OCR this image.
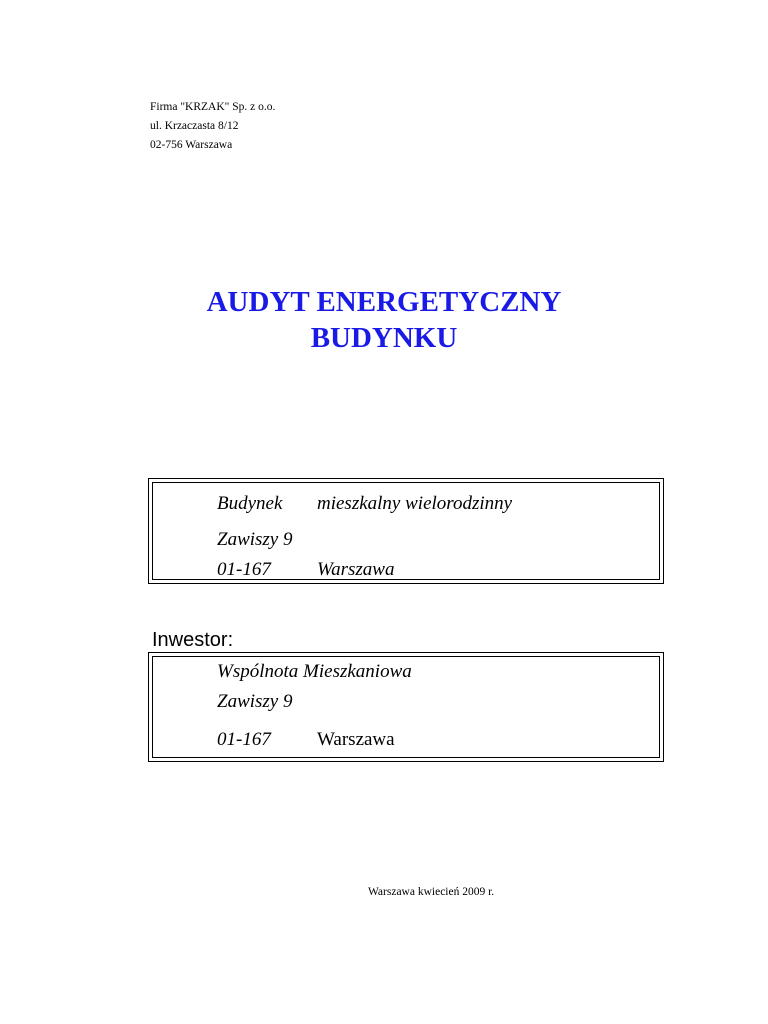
Firma "KRZAK" Sp. z o.o.
ul. Krzaczasta 8/12
02-756 Warszawa
AUDYT ENERGETYCZNY
BUDYNKU
Budynek mieszkalny wielorodzinny
Zawiszy 9
01-167 Warszawa
Inwestor:
Wspólnota Mieszkaniowa
Zawiszy 9
01-167 Warszawa
Warszawa kwiecień 2009 r.
